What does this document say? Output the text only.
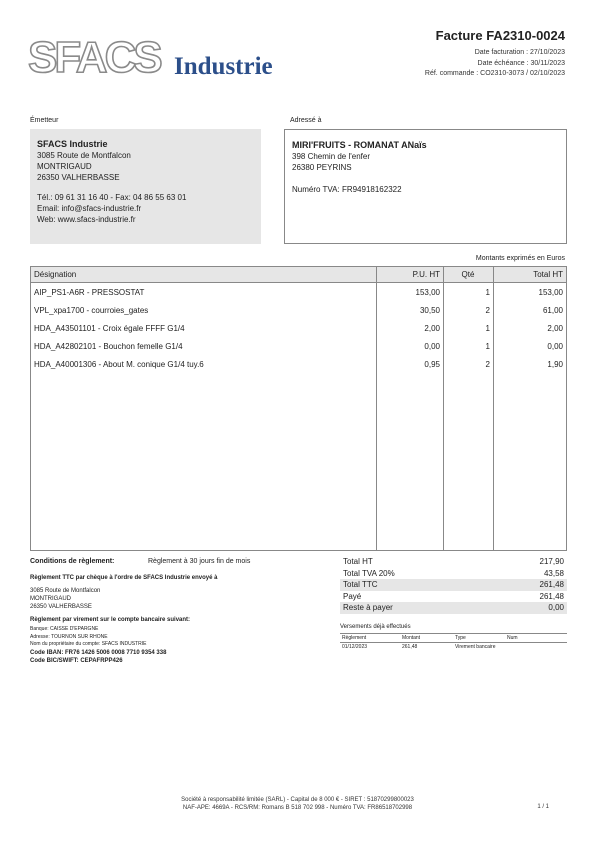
SFACS Industrie
Facture FA2310-0024
Date facturation : 27/10/2023
Date échéance : 30/11/2023
Réf. commande : CO2310-3073 / 02/10/2023
Émetteur	Adressé à
SFACS Industrie
3085 Route de Montfalcon
MONTRIGAUD
26350 VALHERBASSE
Tél.: 09 61 31 16 40 - Fax: 04 86 55 63 01
Email: info@sfacs-industrie.fr
Web: www.sfacs-industrie.fr
MIRI'FRUITS - ROMANAT ANaïs
398 Chemin de l'enfer
26380 PEYRINS
Numéro TVA: FR94918162322
Montants exprimés en Euros
Désignation	P.U. HT	Qté	Total HT
AIP_PS1-A6R - PRESSOSTAT	153,00	1	153,00
VPL_xpa1700 - courroies_gates	30,50	2	61,00
HDA_A43501101 - Croix égale FFFF G1/4	2,00	1	2,00
HDA_A42802101 - Bouchon femelle G1/4	0,00	1	0,00
HDA_A40001306 - About M. conique G1/4 tuy.6	0,95	2	1,90
Conditions de règlement:	Règlement à 30 jours fin de mois
Règlement TTC par chèque à l'ordre de SFACS Industrie envoyé à
3085 Route de Montfalcon
MONTRIGAUD
26350 VALHERBASSE
Règlement par virement sur le compte bancaire suivant:
Banque: CAISSE D'EPARGNE
Adresse: TOURNON SUR RHONE
Nom du propriétaire du compte: SFACS INDUSTRIE
Code IBAN: FR76 1426 5006 0008 7710 9354 338
Code BIC/SWIFT: CEPAFRPP426
Total HT	217,90
Total TVA 20%	43,58
Total TTC	261,48
Payé	261,48
Reste à payer	0,00
Versements déjà effectués
Règlement	Montant	Type	Num
01/12/2023	261,48	Virement bancaire
Société à responsabilité limitée (SARL) - Capital de 8 000 € - SIRET : 51870299800023
NAF-APE: 4669A - RCS/RM: Romans B 518 702 998 - Numéro TVA: FR86518702998	1 / 1
